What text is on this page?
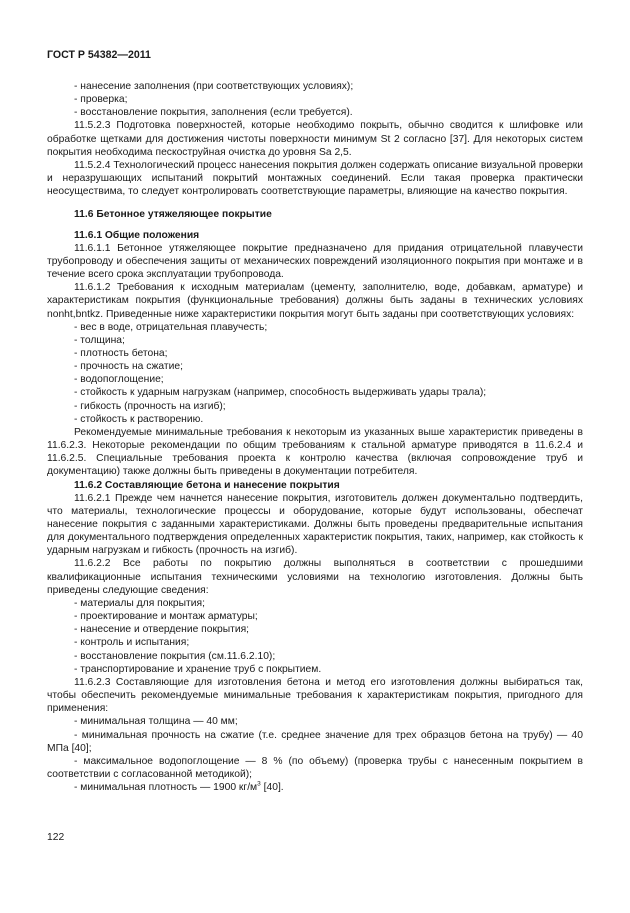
ГОСТ Р 54382—2011

- нанесение заполнения (при соответствующих условиях);

- проверка;

- восстановление покрытия, заполнения (если требуется).

11.5.2.3 Подготовка поверхностей, которые необходимо покрыть, обычно сводится к шлифовке или обработке щетками для достижения чистоты поверхности минимум St 2 согласно [37]. Для некоторых систем покрытия необходима пескоструйная очистка до уровня Sa 2,5.

11.5.2.4 Технологический процесс нанесения покрытия должен содержать описание визуальной проверки и неразрушающих испытаний покрытий монтажных соединений. Если такая проверка практически неосуществима, то следует контролировать соответствующие параметры, влияющие на качество покрытия.

11.6 Бетонное утяжеляющее покрытие

11.6.1 Общие положения

11.6.1.1 Бетонное утяжеляющее покрытие предназначено для придания отрицательной плавучести трубопроводу и обеспечения защиты от механических повреждений изоляционного покрытия при монтаже и в течение всего срока эксплуатации трубопровода.

11.6.1.2 Требования к исходным материалам (цементу, заполнителю, воде, добавкам, арматуре) и характеристикам покрытия (функциональные требования) должны быть заданы в технических условиях nonht,bntkz. Приведенные ниже характеристики покрытия могут быть заданы при соответствующих условиях:

- вес в воде, отрицательная плавучесть;

- толщина;

- плотность бетона;

- прочность на сжатие;

- водопоглощение;

- стойкость к ударным нагрузкам (например, способность выдерживать удары трала);

- гибкость (прочность на изгиб);

- стойкость к растворению.

Рекомендуемые минимальные требования к некоторым из указанных выше характеристик приведены в 11.6.2.3. Некоторые рекомендации по общим требованиям к стальной арматуре приводятся в 11.6.2.4 и 11.6.2.5. Специальные требования проекта к контролю качества (включая сопровождение труб и документацию) также должны быть приведены в документации потребителя.

11.6.2 Составляющие бетона и нанесение покрытия

11.6.2.1 Прежде чем начнется нанесение покрытия, изготовитель должен документально подтвердить, что материалы, технологические процессы и оборудование, которые будут использованы, обеспечат нанесение покрытия с заданными характеристиками. Должны быть проведены предварительные испытания для документального подтверждения определенных характеристик покрытия, таких, например, как стойкость к ударным нагрузкам и гибкость (прочность на изгиб).

11.6.2.2 Все работы по покрытию должны выполняться в соответствии с прошедшими квалификационные испытания техническими условиями на технологию изготовления. Должны быть приведены следующие сведения:

- материалы для покрытия;

- проектирование и монтаж арматуры;

- нанесение и отвердение покрытия;

- контроль и испытания;

- восстановление покрытия (см.11.6.2.10);

- транспортирование и хранение труб с покрытием.

11.6.2.3 Составляющие для изготовления бетона и метод его изготовления должны выбираться так, чтобы обеспечить рекомендуемые минимальные требования к характеристикам покрытия, пригодного для применения:

- минимальная толщина — 40 мм;

- минимальная прочность на сжатие (т.е. среднее значение для трех образцов бетона на трубу) — 40 МПа [40];

- максимальное водопоглощение — 8 % (по объему) (проверка трубы с нанесенным покрытием в соответствии с согласованной методикой);

- минимальная плотность — 1900 $кг/м^3$ [40].

122
